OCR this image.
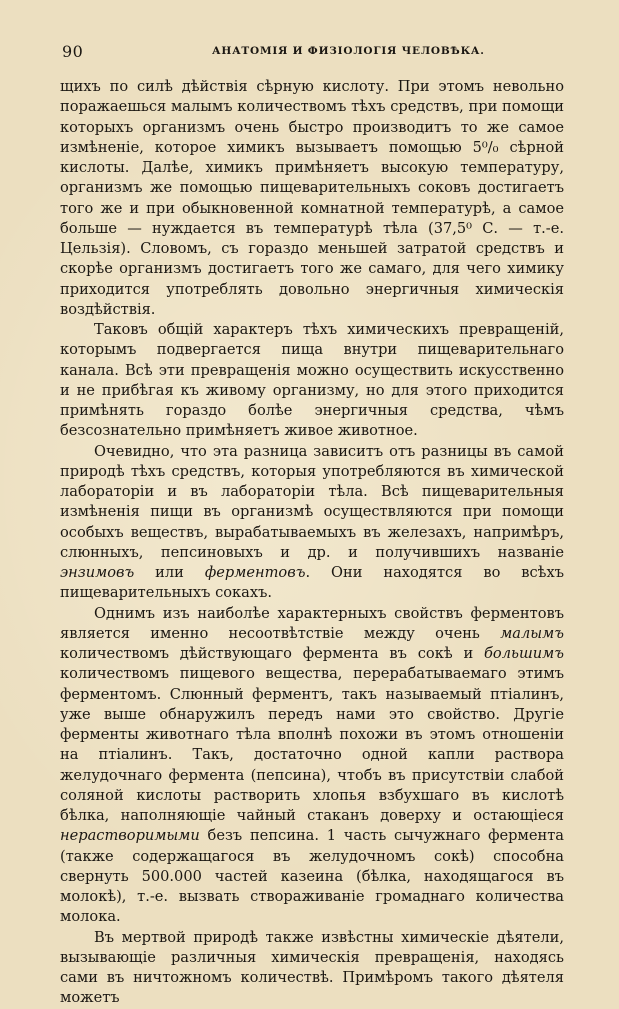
90	АНАТОМІЯ И ФИЗІОЛОГІЯ ЧЕЛОВѢКА.

щихъ по силѣ дѣйствія сѣрную кислоту. При этомъ невольно поражаешься малымъ количествомъ тѣхъ средствъ, при помощи которыхъ организмъ очень быстро производитъ то же самое измѣненіе, которое химикъ вызываетъ помощью 5⁰/₀ сѣрной кислоты. Далѣе, химикъ примѣняетъ высокую температуру, организмъ же помощью пищеварительныхъ соковъ достигаетъ того же и при обыкновенной комнатной температурѣ, а самое больше — нуждается въ температурѣ тѣла (37,5⁰ С. — т.-е. Цельзія). Словомъ, съ гораздо меньшей затратой средствъ и скорѣе организмъ достигаетъ того же самаго, для чего химику приходится употреблять довольно энергичныя химическія воздѣйствія.

Таковъ общій характеръ тѣхъ химическихъ превращеній, которымъ подвергается пища внутри пищеварительнаго канала. Всѣ эти превращенія можно осуществить искусственно и не прибѣгая къ живому организму, но для этого приходится примѣнять гораздо болѣе энергичныя средства, чѣмъ безсознательно примѣняетъ живое животное.

Очевидно, что эта разница зависитъ отъ разницы въ самой природѣ тѣхъ средствъ, которыя употребляются въ химической лабораторіи и въ лабораторіи тѣла. Всѣ пищеварительныя измѣненія пищи въ организмѣ осуществляются при помощи особыхъ веществъ, вырабатываемыхъ въ железахъ, напримѣръ, слюнныхъ, пепсиновыхъ и др. и получившихъ названіе энзимовъ или ферментовъ. Они находятся во всѣхъ пищеварительныхъ сокахъ.

Однимъ изъ наиболѣе характерныхъ свойствъ ферментовъ является именно несоотвѣтствіе между очень малымъ количествомъ дѣйствующаго фермента въ сокѣ и большимъ количествомъ пищевого вещества, перерабатываемаго этимъ ферментомъ. Слюнный ферментъ, такъ называемый птіалинъ, уже выше обнаружилъ передъ нами это свойство. Другіе ферменты животнаго тѣла вполнѣ похожи въ этомъ отношеніи на птіалинъ. Такъ, достаточно одной капли раствора желудочнаго фермента (пепсина), чтобъ въ присутствіи слабой соляной кислоты растворить хлопья взбухшаго въ кислотѣ бѣлка, наполняющіе чайный стаканъ доверху и остающіеся нерастворимыми безъ пепсина. 1 часть сычужнаго фермента (также содержащагося въ желудочномъ сокѣ) способна свернуть 500.000 частей казеина (бѣлка, находящагося въ молокѣ), т.-е. вызвать створаживаніе громаднаго количества молока.

Въ мертвой природѣ также извѣстны химическіе дѣятели, вызывающіе различныя химическія превращенія, находясь сами въ ничтожномъ количествѣ. Примѣромъ такого дѣятеля можетъ
